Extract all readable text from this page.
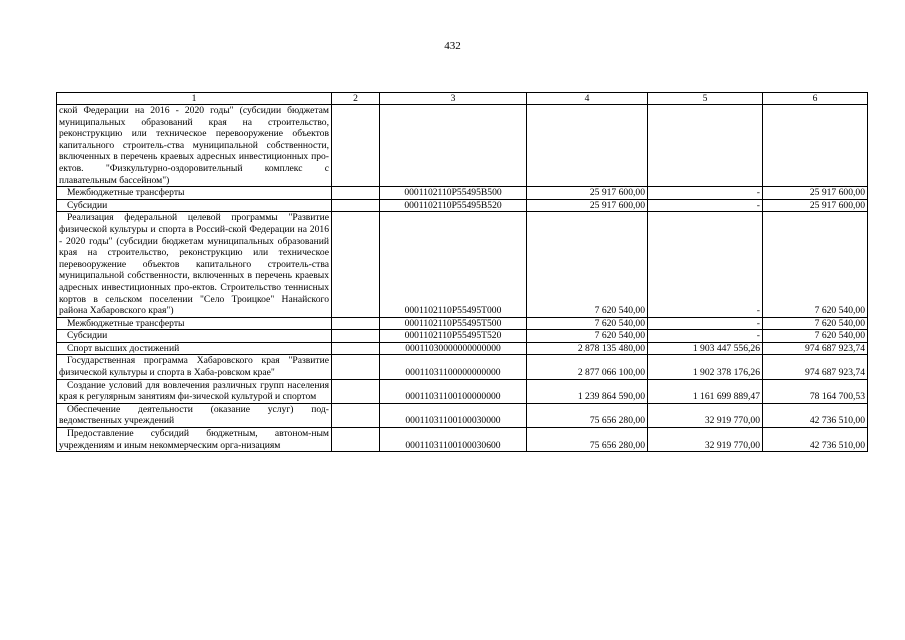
432
1	2	3	4	5	6
ской Федерации на 2016 - 2020 годы" (субсидии бюджетам муниципальных образований края на строительство, реконструкцию или техническое перевооружение объектов капитального строитель-ства муниципальной собственности, включенных в перечень краевых адресных инвестиционных про-ектов. "Физкультурно-оздоровительный комплекс с плавательным бассейном")					
Межбюджетные трансферты		0001102110P55495B500	25 917 600,00	-	25 917 600,00
Субсидии		0001102110P55495B520	25 917 600,00	-	25 917 600,00
Реализация федеральной целевой программы "Развитие физической культуры и спорта в Россий-ской Федерации на 2016 - 2020 годы" (субсидии бюджетам муниципальных образований края на строительство, реконструкцию или техническое перевооружение объектов капитального строитель-ства муниципальной собственности, включенных в перечень краевых адресных инвестиционных про-ектов. Строительство теннисных кортов в сельском поселении "Село Троицкое" Нанайского района Хабаровского края")		0001102110P55495T000	7 620 540,00	-	7 620 540,00
Межбюджетные трансферты		0001102110P55495T500	7 620 540,00	-	7 620 540,00
Субсидии		0001102110P55495T520	7 620 540,00	-	7 620 540,00
Спорт высших достижений		00011030000000000000	2 878 135 480,00	1 903 447 556,26	974 687 923,74
Государственная программа Хабаровского края "Развитие физической культуры и спорта в Хаба-ровском крае"		00011031100000000000	2 877 066 100,00	1 902 378 176,26	974 687 923,74
Создание условий для вовлечения различных групп населения края к регулярным занятиям фи-зической культурой и спортом		00011031100100000000	1 239 864 590,00	1 161 699 889,47	78 164 700,53
Обеспечение деятельности (оказание услуг) под-ведомственных учреждений		00011031100100030000	75 656 280,00	32 919 770,00	42 736 510,00
Предоставление субсидий бюджетным, автоном-ным учреждениям и иным некоммерческим орга-низациям		00011031100100030600	75 656 280,00	32 919 770,00	42 736 510,00
